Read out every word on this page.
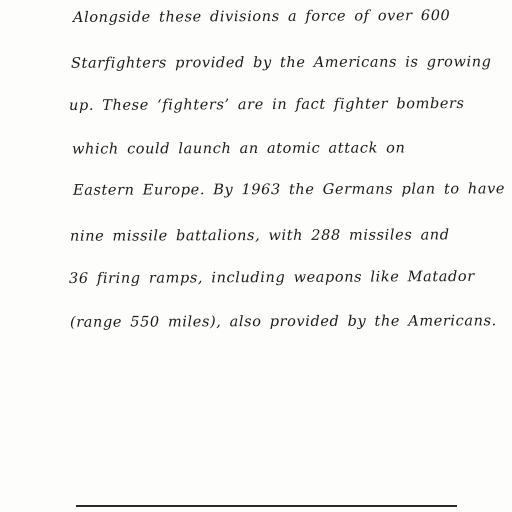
Alongside these divisions a force of over 600
Starfighters provided by the Americans is growing
up. These ‘fighters’ are in fact fighter bombers
which could launch an atomic attack on
Eastern Europe. By 1963 the Germans plan to have
nine missile battalions, with 288 missiles and
36 firing ramps, including weapons like Matador
(range 550 miles), also provided by the Americans.
